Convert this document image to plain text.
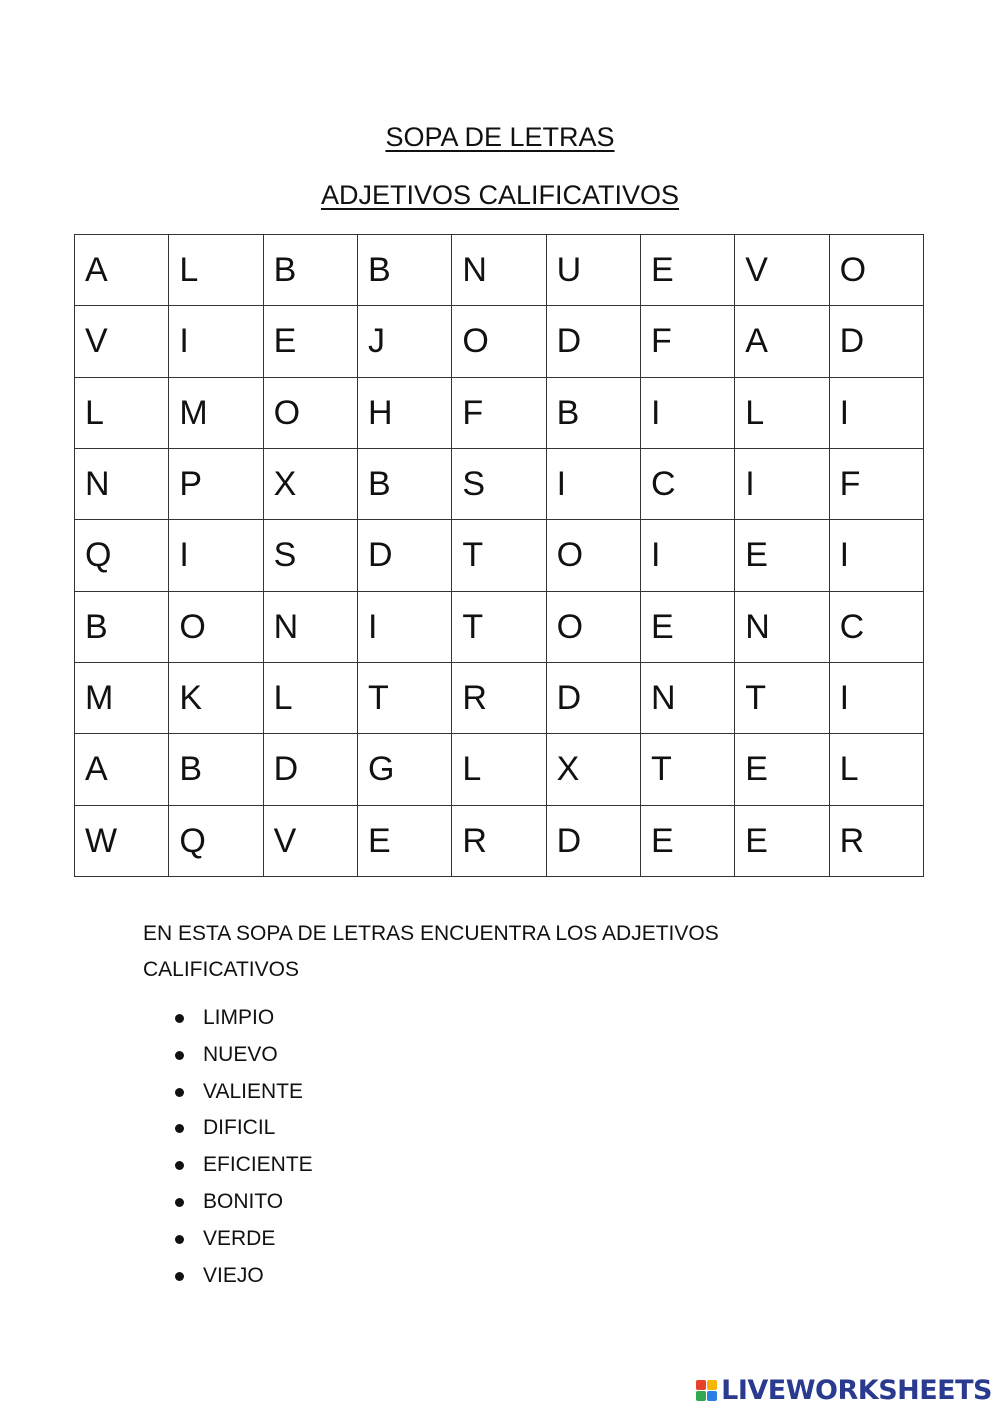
SOPA DE LETRAS
ADJETIVOS CALIFICATIVOS
A	L	B	B	N	U	E	V	O
V	I	E	J	O	D	F	A	D
L	M	O	H	F	B	I	L	I
N	P	X	B	S	I	C	I	F
Q	I	S	D	T	O	I	E	I
B	O	N	I	T	O	E	N	C
M	K	L	T	R	D	N	T	I
A	B	D	G	L	X	T	E	L
W	Q	V	E	R	D	E	E	R
EN ESTA SOPA DE LETRAS ENCUENTRA LOS ADJETIVOS CALIFICATIVOS
LIMPIO
NUEVO
VALIENTE
DIFICIL
EFICIENTE
BONITO
VERDE
VIEJO
LIVEWORKSHEETS
